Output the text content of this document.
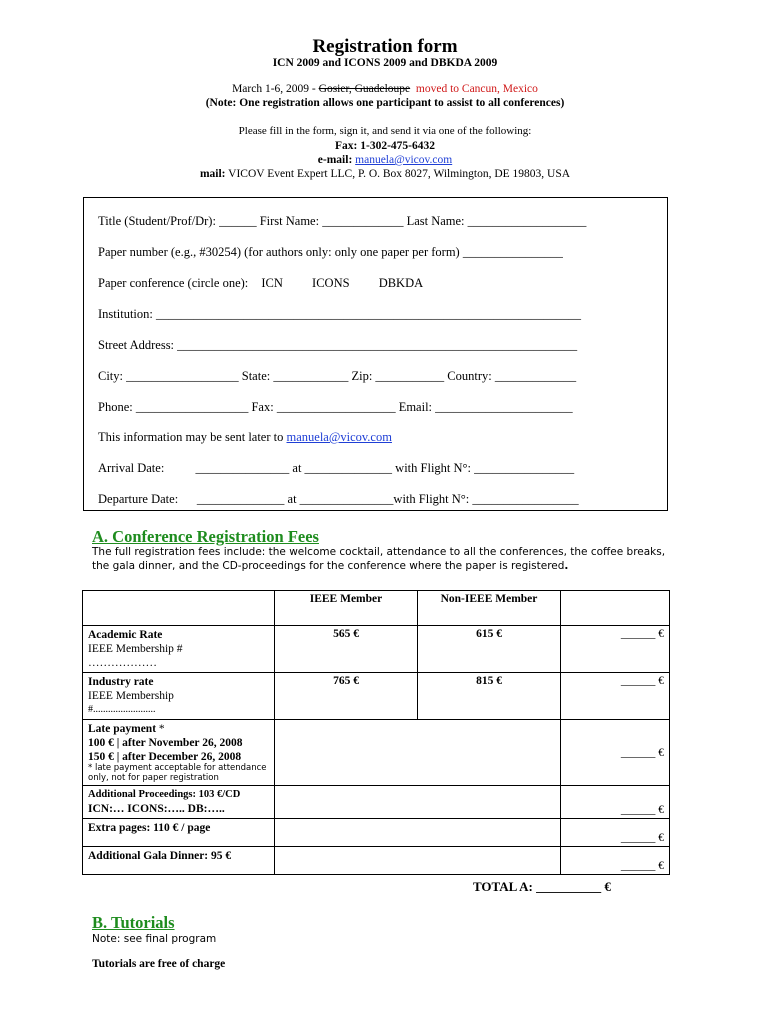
Registration form
ICN 2009 and ICONS 2009 and DBKDA 2009
March 1-6, 2009 - Gosier, Guadeloupe moved to Cancun, Mexico
(Note: One registration allows one participant to assist to all conferences)
Please fill in the form, sign it, and send it via one of the following:
Fax: 1-302-475-6432
e-mail: manuela@vicov.com
mail: VICOV Event Expert LLC, P. O. Box 8027, Wilmington, DE 19803, USA
Title (Student/Prof/Dr): ______ First Name: _____________ Last Name: ___________________
Paper number (e.g., #30254) (for authors only: only one paper per form) ________________
Paper conference (circle one): ICN ICONS DBKDA
Institution: ____________________________________________________________________
Street Address: ________________________________________________________________
City: __________________ State: ____________ Zip: ___________ Country: _____________
Phone: __________________ Fax: ___________________ Email: ______________________
This information may be sent later to manuela@vicov.com
Arrival Date:          _______________ at ______________ with Flight N°: ________________
Departure Date:      ______________ at _______________with Flight N°: _________________
A. Conference Registration Fees
The full registration fees include: the welcome cocktail, attendance to all the conferences, the coffee breaks,
the gala dinner, and the CD-proceedings for the conference where the paper is registered.
	IEEE Member	Non-IEEE Member	

Academic Rate
IEEE Membership #
………………	565 €	615 €	______ €

Industry rate
IEEE Membership
#.........................	765 €	815 €	______ €

Late payment *
100 € | after November 26, 2008
150 € | after December 26, 2008
* late payment acceptable for attendance
only, not for paper registration			______ €

Additional Proceedings: 103 €/CD
ICN:… ICONS:….. DB:…..			______ €
Extra pages: 110 € / page			______ €
Additional Gala Dinner: 95 €			______ €
TOTAL A: __________ €
B. Tutorials
Note: see final program
Tutorials are free of charge
